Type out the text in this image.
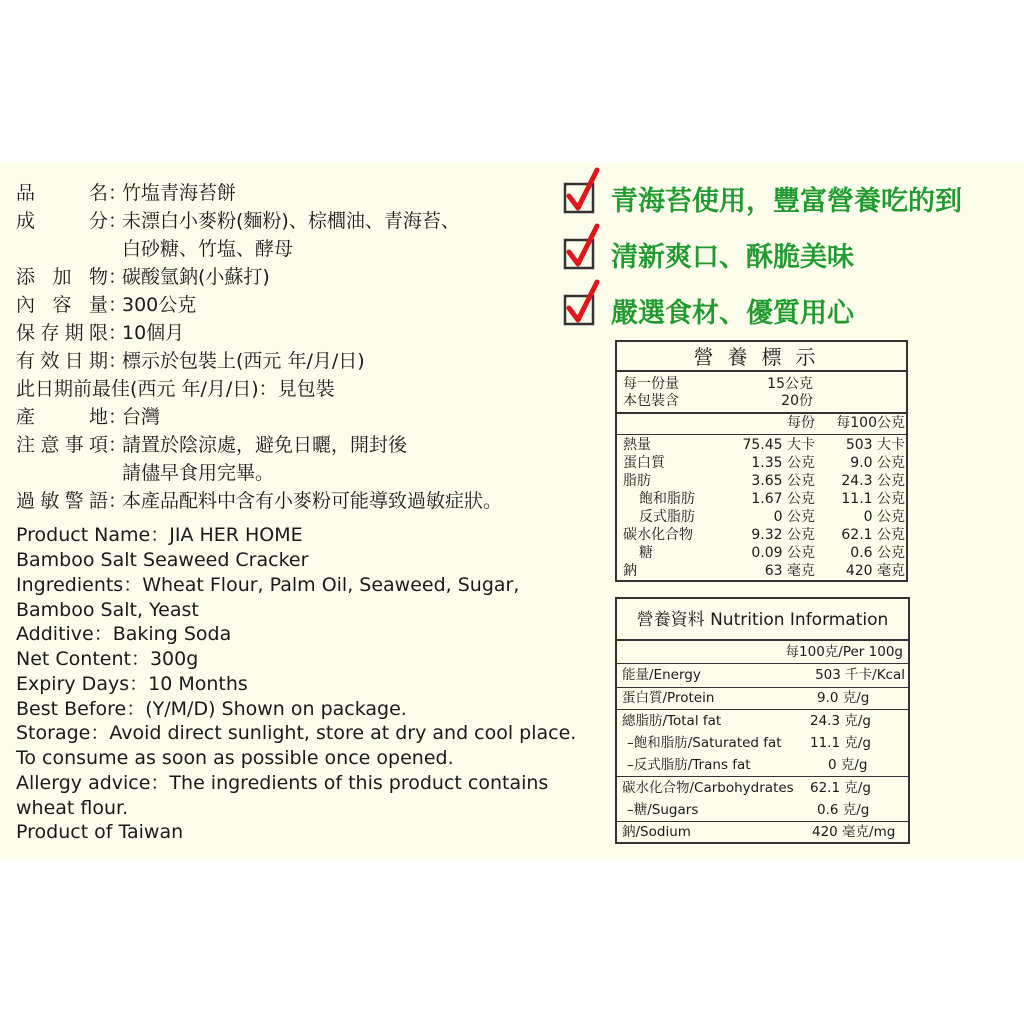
品　　名：竹塩青海苔餅
成　　分：未漂白小麥粉(麵粉)、棕櫚油、青海苔、
白砂糖、竹塩、酵母
添 加 物：碳酸氫鈉(小蘇打)
內 容 量：300公克
保存期限：10個月
有效日期：標示於包裝上(西元 年/月/日)
此日期前最佳(西元 年/月/日)：見包裝
產　　地：台灣
注意事項：請置於陰涼處，避免日曬，開封後
請儘早食用完畢。
過敏警語：本產品配料中含有小麥粉可能導致過敏症狀。
Product Name：JIA HER HOME
Bamboo Salt Seaweed Cracker
Ingredients：Wheat Flour, Palm Oil, Seaweed, Sugar,
Bamboo Salt, Yeast
Additive：Baking Soda
Net Content：300g
Expiry Days：10 Months
Best Before：(Y/M/D) Shown on package.
Storage：Avoid direct sunlight, store at dry and cool place.
To consume as soon as possible once opened.
Allergy advice：The ingredients of this product contains
wheat flour.
Product of Taiwan
青海苔使用，豐富營養吃的到
清新爽口、酥脆美味
嚴選食材、優質用心
營養標示
每一份量	15公克
本包裝含	20份
每份	每100公克
熱量	75.45 大卡	503 大卡
蛋白質	1.35 公克	9.0 公克
脂肪	3.65 公克	24.3 公克
飽和脂肪	1.67 公克	11.1 公克
反式脂肪	0 公克	0 公克
碳水化合物	9.32 公克	62.1 公克
糖	0.09 公克	0.6 公克
鈉	63 毫克	420 毫克
營養資料 Nutrition Information
每100克/Per 100g
能量/Energy	503 千卡/Kcal
蛋白質/Protein	9.0 克/g
總脂肪/Total fat	24.3 克/g
–飽和脂肪/Saturated fat 11.1 克/g
–反式脂肪/Trans fat	0 克/g
碳水化合物/Carbohydrates 62.1 克/g
–糖/Sugars	0.6 克/g
鈉/Sodium	420 毫克/mg
